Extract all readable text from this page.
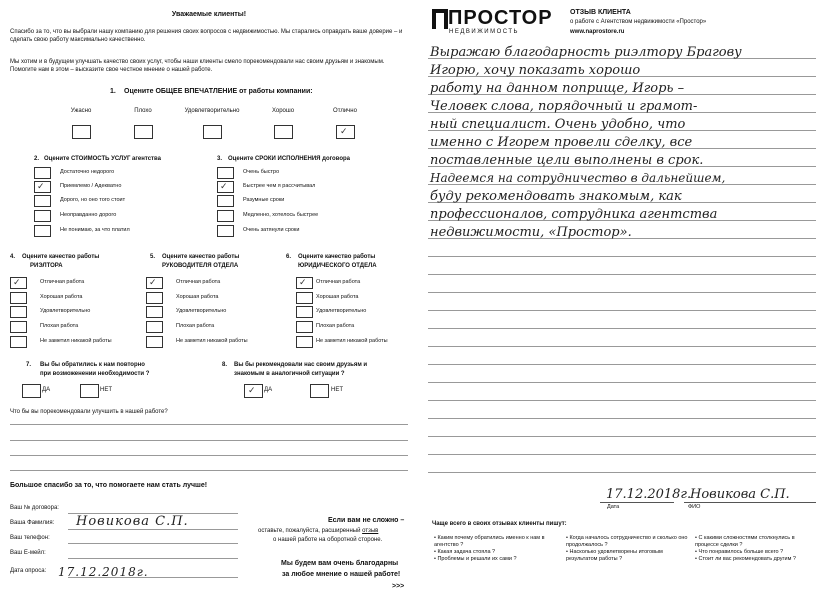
Уважаемые клиенты!
Спасибо за то, что вы выбрали нашу компанию для решения своих вопросов с недвижимостью. Мы старались оправдать ваше доверие – и сделать свою работу максимально качественно.
Мы хотим и в будущем улучшать качество своих услуг, чтобы наши клиенты смело порекомендовали нас своим друзьям и знакомым. Помогите нам в этом – высказите свое честное мнение о нашей работе.
1. Оцените ОБЩЕЕ ВПЕЧАТЛЕНИЕ от работы компании:
Ужасно	Плохо	Удовлетворительно	Хорошо	Отлично
✓
2. Оцените СТОИМОСТЬ УСЛУГ агентства
Достаточно недорого
✓	Приемлемо / Адекватно
Дорого, но оно того стоит
Неоправданно дорого
Не понимаю, за что платил
3. Оцените СРОКИ ИСПОЛНЕНИЯ договора
Очень быстро
✓	Быстрее чем я рассчитывал
Разумные сроки
Медленно, хотелось быстрее
Очень затянули сроки
4. Оцените качество работы
РИЭЛТОРА
✓	Отличная работа
Хорошая работа
Удовлетворительно
Плохая работа
Не заметил никакой работы
5. Оцените качество работы
РУКОВОДИТЕЛЯ ОТДЕЛА
✓	Отличная работа
Хорошая работа
Удовлетворительно
Плохая работа
Не заметил никакой работы
6. Оцените качество работы
ЮРИДИЧЕСКОГО ОТДЕЛА
✓ Отличная работа
Хорошая работа
Удовлетворительно
Плохая работа
Не заметил никакой работы
7. Вы бы обратились к нам повторно
при возможенении необходимости ?
ДА	НЕТ
8. Вы бы рекомендовали нас своим друзьям и
знакомым в аналогичной ситуации ?
✓ ДА	НЕТ
Что бы вы порекомендовали улучшить в нашей работе?
Большое спасибо за то, что помогаете нам стать лучше!
Ваш № договора:
Ваша Фамилия: Новикова С.П.
Ваш телефон:
Ваш E-мейл:
Дата опроса: 17.12.2018г.
Если вам не сложно –
оставьте, пожалуйста, расширенный отзыв
о нашей работе на оборотной стороне.
Мы будем вам очень благодарны
за любое мнение о нашей работе!
>>>
ПРОСТОР
НЕДВИЖИМОСТЬ
ОТЗЫВ КЛИЕНТА
о работе с Агентством недвижимости «Простор»
www.naprostore.ru
Выражаю благодарность риэлтору Брагову
Игорю, хочу показать хорошо
работу на данном поприще, Игорь –
Человек слова, порядочный и грамот-
ный специалист. Очень удобно, что
именно с Игорем провели сделку, все
поставленные цели выполнены в срок.
Надеемся на сотрудничество в дальнейшем,
буду рекомендовать знакомым, как
профессионалов, сотрудника агентства
недвижимости, «Простор».
17.12.2018г.
Новикова С.П.
Дата	ФИО
Чаще всего в своих отзывах клиенты пишут:
• Каким почему обратились именно к нам в агентство ?
• Какая задача стояла ?
• Проблемы и решали их сами ?
• Когда началось сотрудничество и сколько оно продолжалось ?
• Насколько удовлетворены итоговым результатом работы ?
• С какими сложностями столкнулись в процессе сделки ?
• Что понравилось больше всего ?
• Стоит ли вас рекомендовать другим ?
